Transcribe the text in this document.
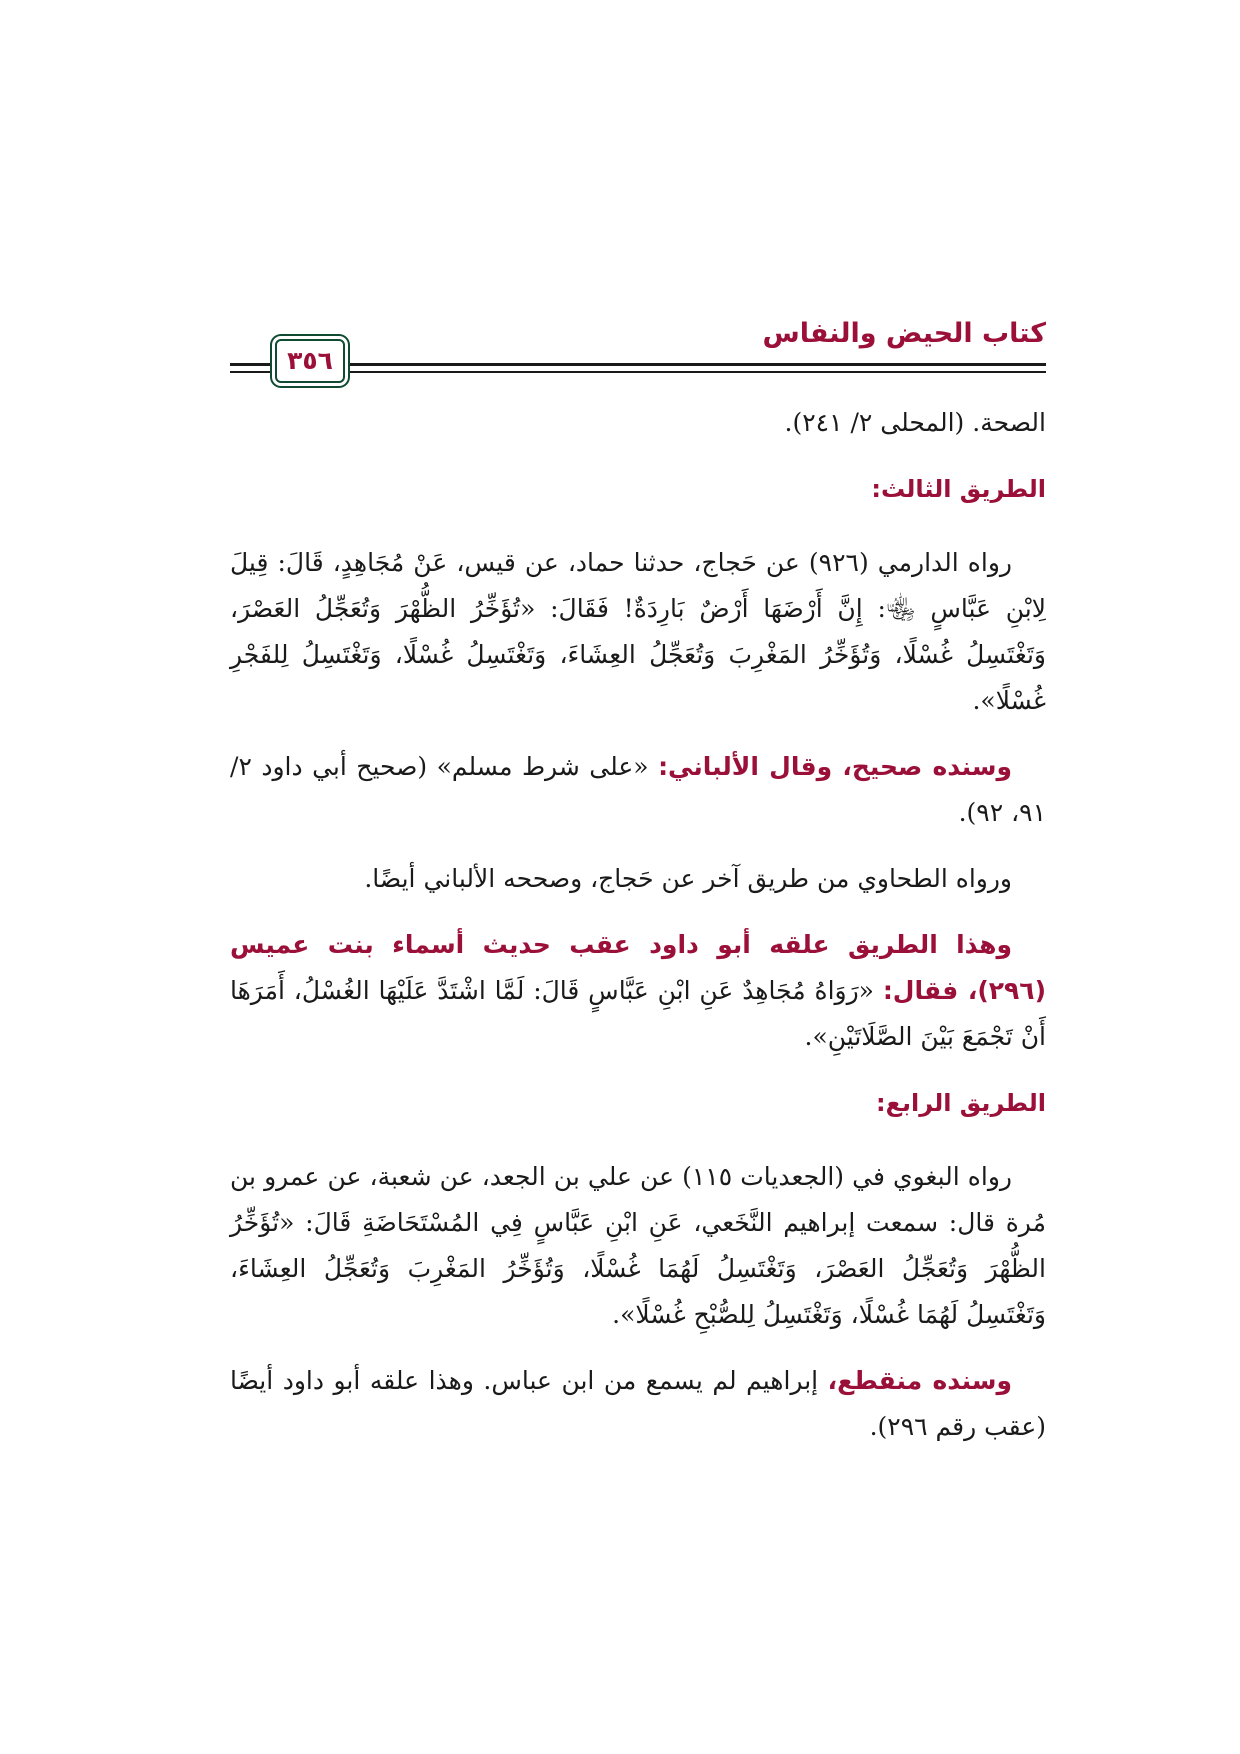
كتاب الحيض والنفاس
٣٥٦

الصحة. (المحلى ٢/ ٢٤١).

الطريق الثالث:

رواه الدارمي (٩٢٦) عن حَجاج، حدثنا حماد، عن قيس، عَنْ مُجَاهِدٍ، قَالَ: قِيلَ لِابْنِ عَبَّاسٍ ﵄: إِنَّ أَرْضَهَا أَرْضٌ بَارِدَةٌ! فَقَالَ: «تُؤَخِّرُ الظُّهْرَ وَتُعَجِّلُ العَصْرَ، وَتَغْتَسِلُ غُسْلًا، وَتُؤَخِّرُ المَغْرِبَ وَتُعَجِّلُ العِشَاءَ، وَتَغْتَسِلُ غُسْلًا، وَتَغْتَسِلُ لِلفَجْرِ غُسْلًا».

وسنده صحيح، وقال الألباني: «على شرط مسلم» (صحيح أبي داود ٢/ ٩١، ٩٢).

ورواه الطحاوي من طريق آخر عن حَجاج، وصححه الألباني أيضًا.

وهذا الطريق علقه أبو داود عقب حديث أسماء بنت عميس (٢٩٦)، فقال: «رَوَاهُ مُجَاهِدٌ عَنِ ابْنِ عَبَّاسٍ قَالَ: لَمَّا اشْتَدَّ عَلَيْهَا الغُسْلُ، أَمَرَهَا أَنْ تَجْمَعَ بَيْنَ الصَّلَاتَيْنِ».

الطريق الرابع:

رواه البغوي في (الجعديات ١١٥) عن علي بن الجعد، عن شعبة، عن عمرو بن مُرة قال: سمعت إبراهيم النَّخَعي، عَنِ ابْنِ عَبَّاسٍ فِي المُسْتَحَاضَةِ قَالَ: «تُؤَخِّرُ الظُّهْرَ وَتُعَجِّلُ العَصْرَ، وَتَغْتَسِلُ لَهُمَا غُسْلًا، وَتُؤَخِّرُ المَغْرِبَ وَتُعَجِّلُ العِشَاءَ، وَتَغْتَسِلُ لَهُمَا غُسْلًا، وَتَغْتَسِلُ لِلصُّبْحِ غُسْلًا».

وسنده منقطع، إبراهيم لم يسمع من ابن عباس. وهذا علقه أبو داود أيضًا (عقب رقم ٢٩٦).
